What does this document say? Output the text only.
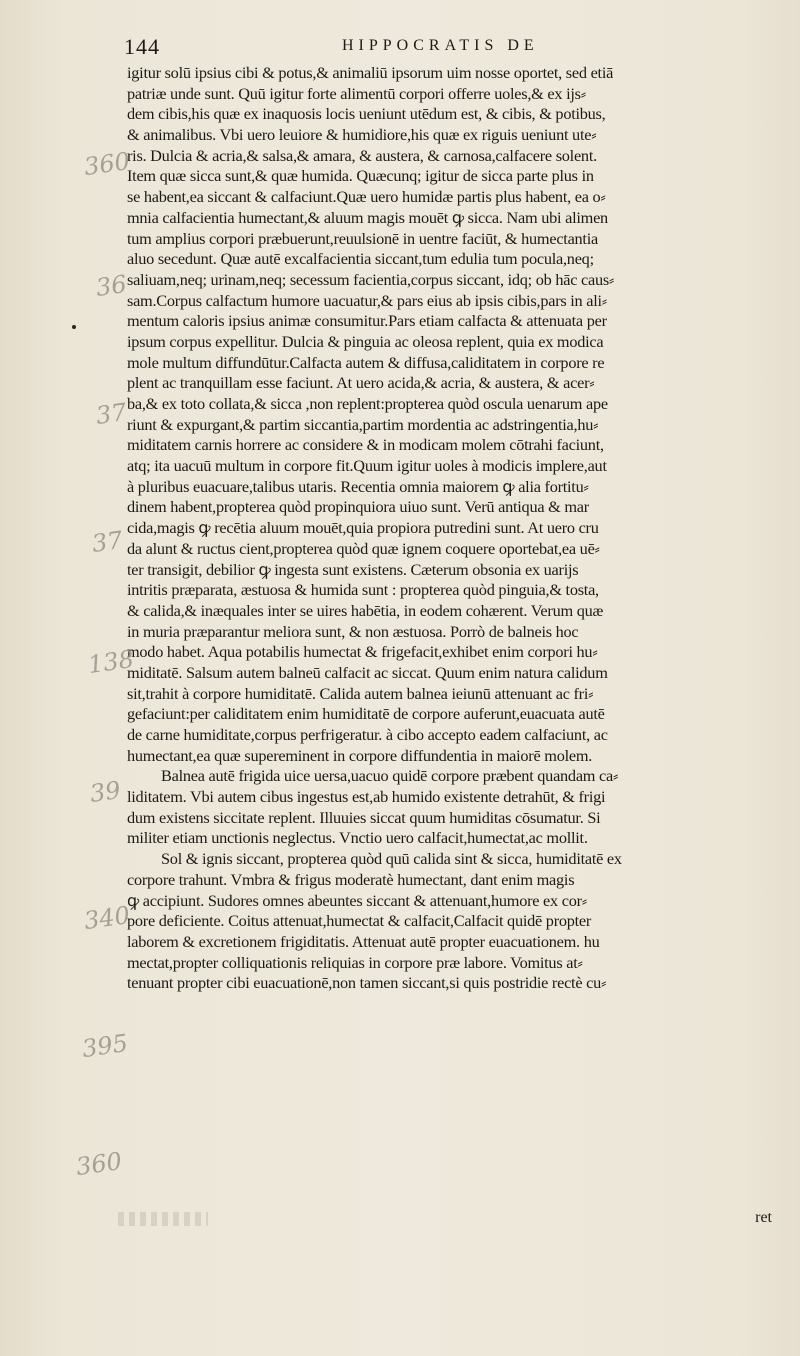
144	HIPPOCRATIS DE
igitur solū ipsius cibi & potus,& animaliū ipsorum uim nosse oportet, sed etiā
patriæ unde sunt. Quū igitur forte alimentū corpori offerre uoles,& ex ijs⸗
dem cibis,his quæ ex inaquosis locis ueniunt utēdum est, & cibis, & potibus,
& animalibus. Vbi uero leuiore & humidiore,his quæ ex riguis ueniunt ute⸗
ris. Dulcia & acria,& salsa,& amara, & austera, & carnosa,calfacere solent.
Item quæ sicca sunt,& quæ humida. Quæcunq; igitur de sicca parte plus in
se habent,ea siccant & calfaciunt.Quæ uero humidæ partis plus habent, ea o⸗
mnia calfacientia humectant,& aluum magis mouēt ꝙ sicca. Nam ubi alimen
tum amplius corpori præbuerunt,reuulsionē in uentre faciūt, & humectantia
aluo secedunt. Quæ autē excalfacientia siccant,tum edulia tum pocula,neq;
saliuam,neq; urinam,neq; secessum facientia,corpus siccant, idq; ob hāc caus⸗
sam.Corpus calfactum humore uacuatur,& pars eius ab ipsis cibis,pars in ali⸗
mentum caloris ipsius animæ consumitur.Pars etiam calfacta & attenuata per
ipsum corpus expellitur. Dulcia & pinguia ac oleosa replent, quia ex modica
mole multum diffundūtur.Calfacta autem & diffusa,caliditatem in corpore re
plent ac tranquillam esse faciunt. At uero acida,& acria, & austera, & acer⸗
ba,& ex toto collata,& sicca ,non replent:propterea quòd oscula uenarum ape
riunt & expurgant,& partim siccantia,partim mordentia ac adstringentia,hu⸗
miditatem carnis horrere ac considere & in modicam molem cōtrahi faciunt,
atq; ita uacuū multum in corpore fit.Quum igitur uoles à modicis implere,aut
à pluribus euacuare,talibus utaris. Recentia omnia maiorem ꝙ alia fortitu⸗
dinem habent,propterea quòd propinquiora uiuo sunt. Verū antiqua & mar
cida,magis ꝙ recētia aluum mouēt,quia propiora putredini sunt. At uero cru
da alunt & ructus cient,propterea quòd quæ ignem coquere oportebat,ea uē⸗
ter transigit, debilior ꝙ ingesta sunt existens. Cæterum obsonia ex uarijs
intritis præparata, æstuosa & humida sunt : propterea quòd pinguia,& tosta,
& calida,& inæquales inter se uires habētia, in eodem cohærent. Verum quæ
in muria præparantur meliora sunt, & non æstuosa. Porrò de balneis hoc
modo habet. Aqua potabilis humectat & frigefacit,exhibet enim corpori hu⸗
miditatē. Salsum autem balneū calfacit ac siccat. Quum enim natura calidum
sit,trahit à corpore humiditatē. Calida autem balnea ieiunū attenuant ac fri⸗
gefaciunt:per caliditatem enim humiditatē de corpore auferunt,euacuata autē
de carne humiditate,corpus perfrigeratur. à cibo accepto eadem calfaciunt, ac
humectant,ea quæ supereminent in corpore diffundentia in maiorē molem.
Balnea autē frigida uice uersa,uacuo quidē corpore præbent quandam ca⸗
liditatem. Vbi autem cibus ingestus est,ab humido existente detrahūt, & frigi
dum existens siccitate replent. Illuuies siccat quum humiditas cōsumatur. Si
militer etiam unctionis neglectus. Vnctio uero calfacit,humectat,ac mollit.
Sol & ignis siccant, propterea quòd quū calida sint & sicca, humiditatē ex
corpore trahunt. Vmbra & frigus moderatè humectant, dant enim magis
ꝙ accipiunt. Sudores omnes abeuntes siccant & attenuant,humore ex cor⸗
pore deficiente. Coitus attenuat,humectat & calfacit,Calfacit quidē propter
laborem & excretionem frigiditatis. Attenuat autē propter euacuationem. hu
mectat,propter colliquationis reliquias in corpore præ labore. Vomitus at⸗
tenuant propter cibi euacuationē,non tamen siccant,si quis postridie rectè cu⸗
ret
360
36
37
37
138
39
340
395
360
